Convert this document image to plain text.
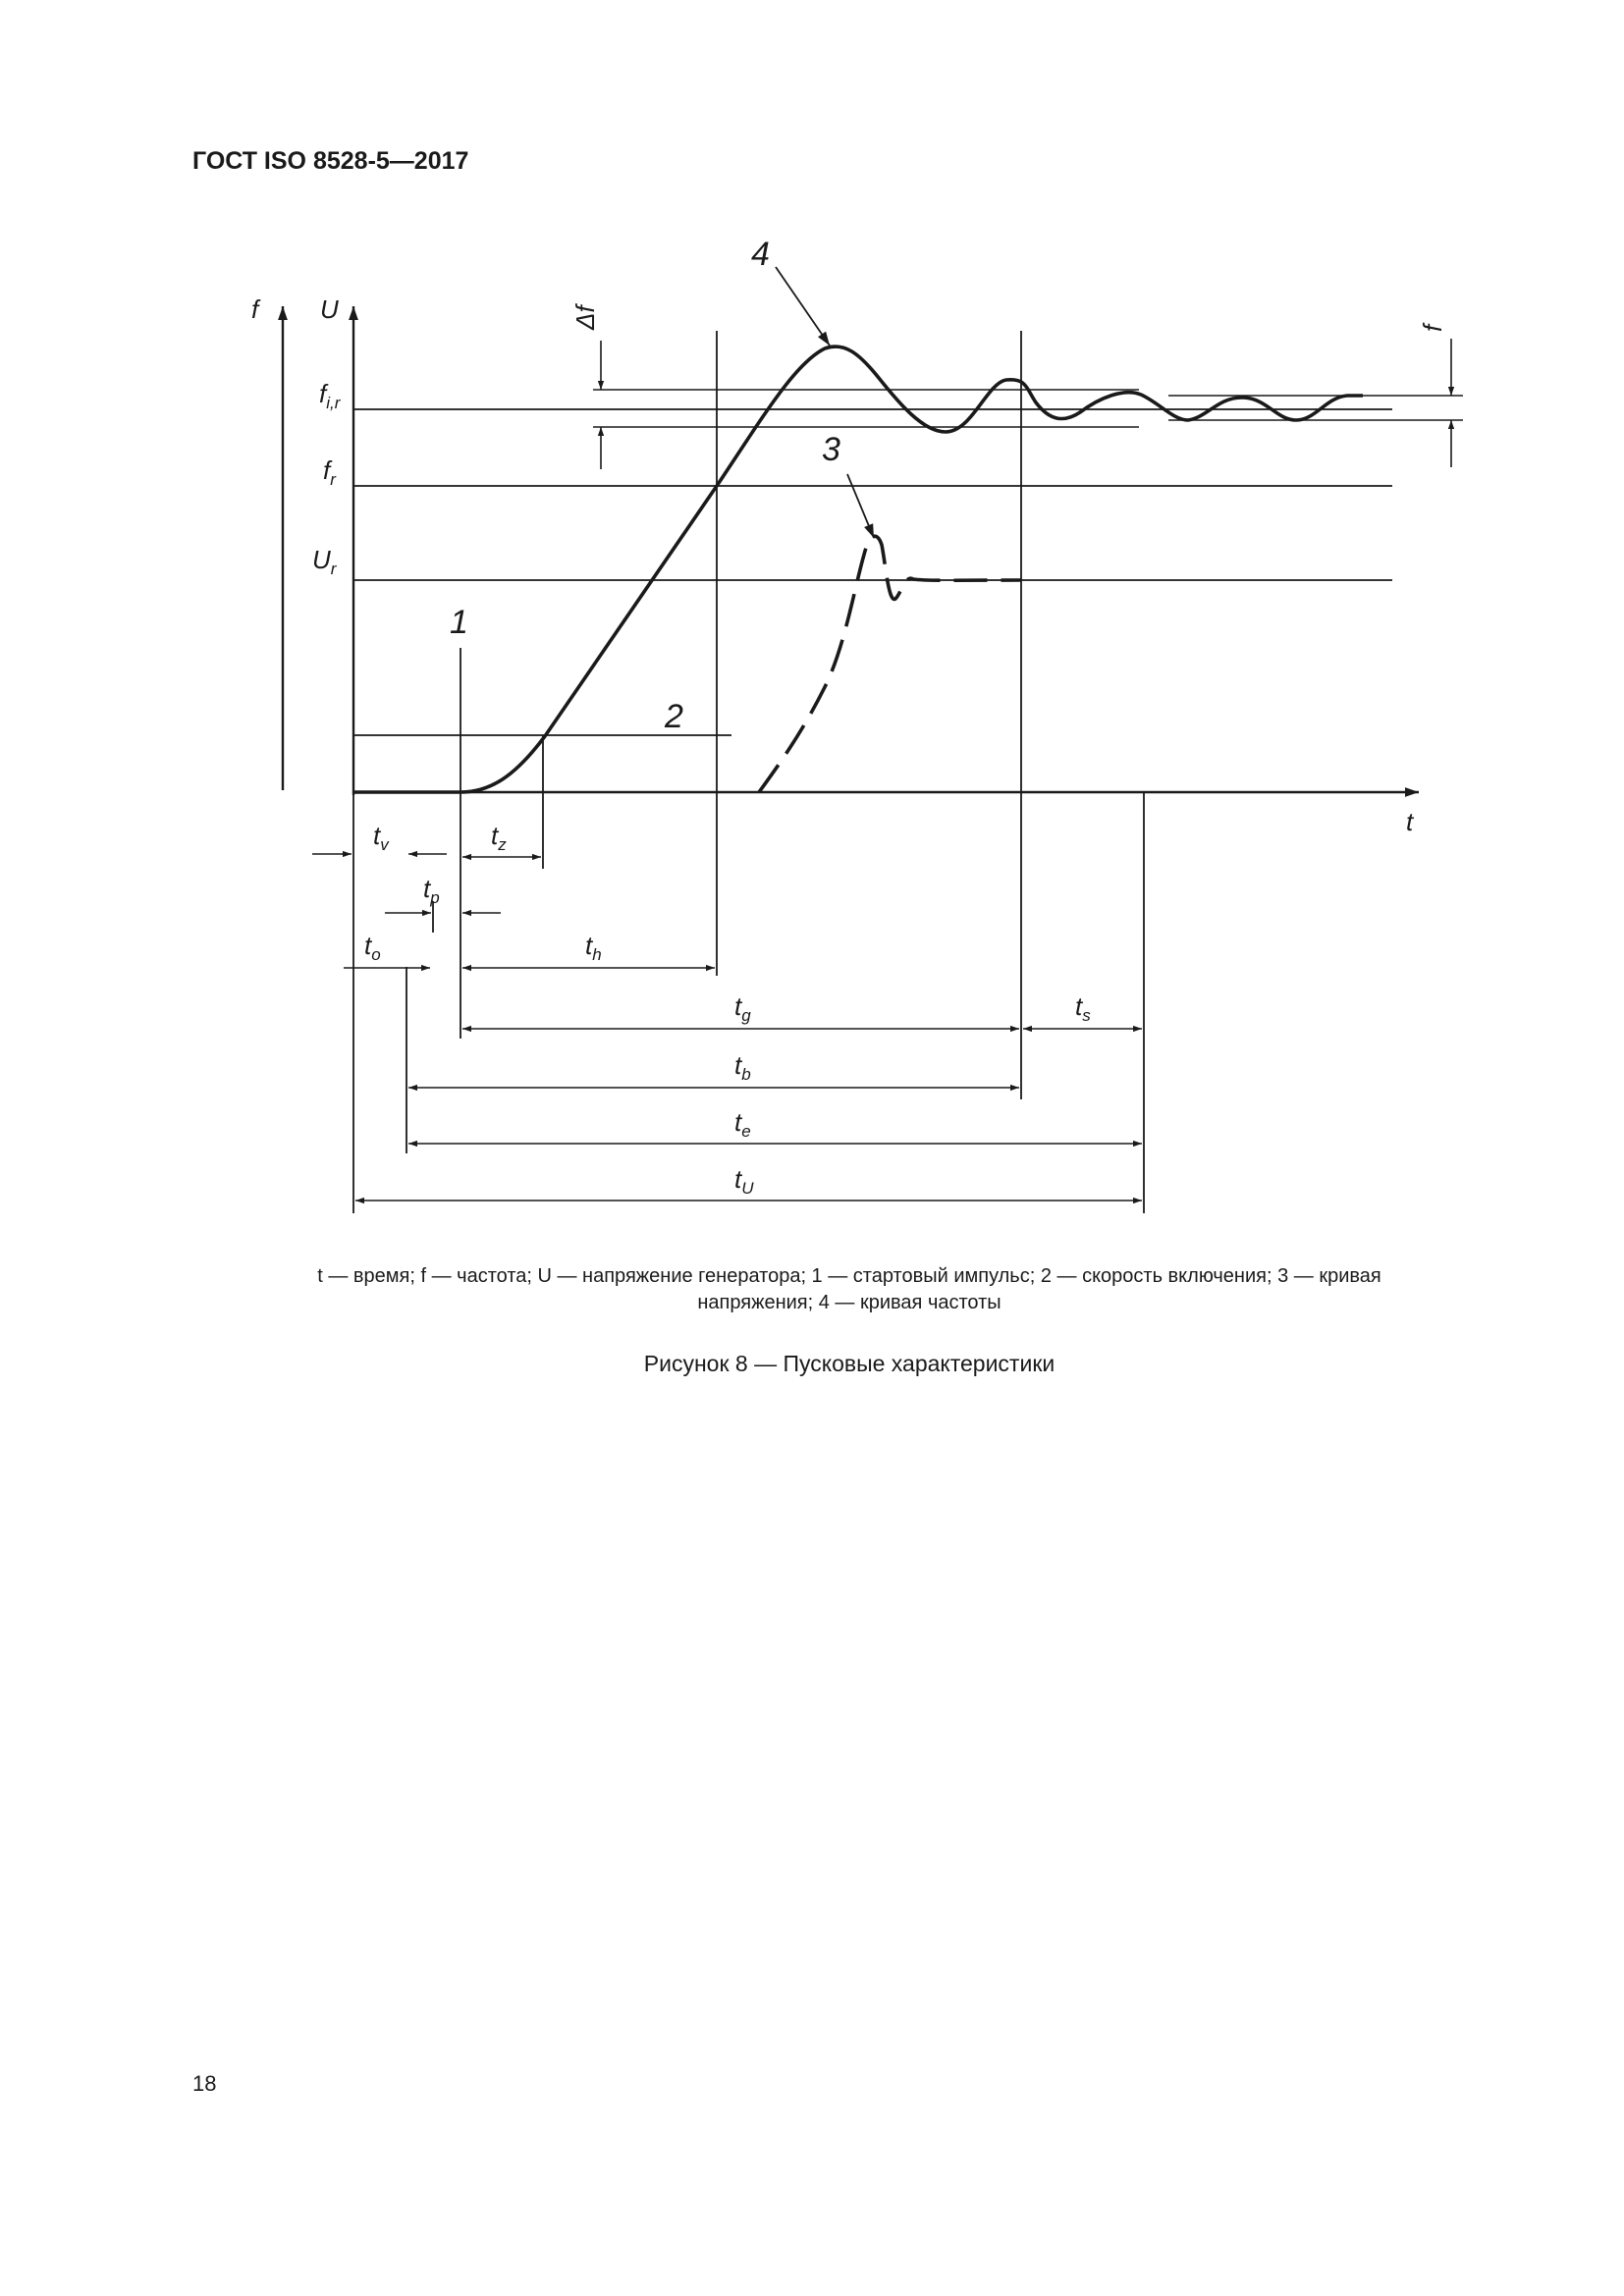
ГОСТ ISO 8528-5—2017
f U
t
$f_{i,r}$
$f_r$
$U_r$
Δf	f
1
2
3
4
$t_v$	$t_z$
$t_p$
$t_o$	$t_h$
$t_g$	$t_s$
$t_b$
$t_e$
$t_U$
t — время; f — частота; U — напряжение генератора; 1 — стартовый импульс; 2 — скорость включения; 3 — кривая
напряжения; 4 — кривая частоты
Рисунок 8 — Пусковые характеристики
18
